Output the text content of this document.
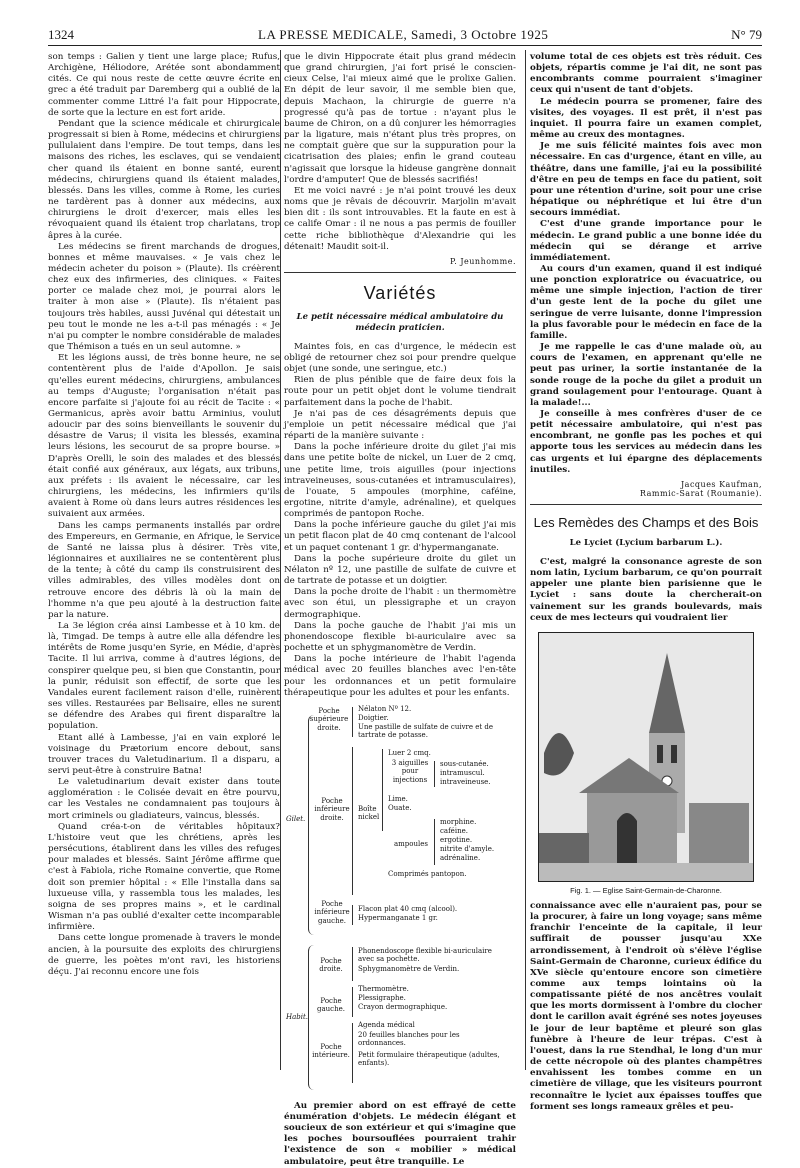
1324	LA PRESSE MEDICALE, Samedi, 3 Octobre 1925	N° 79

son temps : Galien y tient une large place; Rufus, Archigène, Héliodore, Arétée sont abondamment cités. Ce qui nous reste de cette œuvre écrite en grec a été traduit par Daremberg qui a oublié de la commenter comme Littré l'a fait pour Hippocrate, de sorte que la lecture en est fort aride.

Pendant que la science médicale et chirurgicale progressait si bien à Rome, médecins et chirurgiens pullulaient dans l'empire. De tout temps, dans les maisons des riches, les esclaves, qui se vendaient cher quand ils étaient en bonne santé, eurent médecins, chirurgiens quand ils étaient malades, blessés. Dans les villes, comme à Rome, les curies ne tardèrent pas à donner aux médecins, aux chirurgiens le droit d'exercer, mais elles les révoquaient quand ils étaient trop charlatans, trop âpres à la curée.

Les médecins se firent marchands de drogues, bonnes et même mauvaises. « Je vais chez le médecin acheter du poison » (Plaute). Ils créèrent chez eux des infirmeries, des cliniques. « Faites porter ce malade chez moi, je pourrai alors le traiter à mon aise » (Plaute). Ils n'étaient pas toujours très habiles, aussi Juvénal qui détestait un peu tout le monde ne les a-t-il pas ménagés : « Je n'ai pu compter le nombre considérable de malades que Thémison a tués en un seul automne. »

Et les légions aussi, de très bonne heure, ne se contentèrent plus de l'aide d'Apollon. Je sais qu'elles eurent médecins, chirurgiens, ambulances au temps d'Auguste; l'organisation n'était pas encore parfaite si j'ajoute foi au récit de Tacite : « Germanicus, après avoir battu Arminius, voulut adoucir par des soins bienveillants le souvenir du désastre de Varus; il visita les blessés, examina leurs lésions, les secourut de sa propre bourse. » D'après Orelli, le soin des malades et des blessés était confié aux généraux, aux légats, aux tribuns, aux préfets : ils avaient le nécessaire, car les chirurgiens, les médecins, les infirmiers qu'ils avaient à Rome où dans leurs autres résidences les suivaient aux armées.

Dans les camps permanents installés par ordre des Empereurs, en Germanie, en Afrique, le Service de Santé ne laissa plus à désirer. Très vite, légionnaires et auxiliaires ne se contentèrent plus de la tente; à côté du camp ils construisirent des villes admirables, des villes modèles dont on retrouve encore des débris là où la main de l'homme n'a que peu ajouté à la destruction faite par la nature.

La 3e légion créa ainsi Lambesse et à 10 km. de là, Timgad. De temps à autre elle alla défendre les intérêts de Rome jusqu'en Syrie, en Médie, d'après Tacite. Il lui arriva, comme à d'autres légions, de conspirer quelque peu, si bien que Constantin, pour la punir, réduisit son effectif, de sorte que les Vandales eurent facilement raison d'elle, ruinèrent ses villes. Restaurées par Belisaire, elles ne surent se défendre des Arabes qui firent disparaître la population.

Etant allé à Lambesse, j'ai en vain exploré le voisinage du Prætorium encore debout, sans trouver traces du Valetudinarium. Il a disparu, a servi peut-être à construire Batna!

Le valetudinarium devait exister dans toute agglomération : le Colisée devait en être pourvu, car les Vestales ne condamnaient pas toujours à mort criminels ou gladiateurs, vaincus, blessés.

Quand créa-t-on de véritables hôpitaux? L'histoire veut que les chrétiens, après les persécutions, établirent dans les villes des refuges pour malades et blessés. Saint Jérôme affirme que c'est à Fabiola, riche Romaine convertie, que Rome doit son premier hôpital : « Elle l'installa dans sa luxueuse villa, y rassembla tous les malades, les soigna de ses propres mains », et le cardinal Wisman n'a pas oublié d'exalter cette incomparable infirmière.

Dans cette longue promenade à travers le monde ancien, à la poursuite des exploits des chirurgiens de guerre, les poètes m'ont ravi, les historiens déçu. J'ai reconnu encore une fois

que le divin Hippocrate était plus grand médecin que grand chirurgien, j'ai fort prisé le conscien-cieux Celse, l'ai mieux aimé que le prolixe Galien. En dépit de leur savoir, il me semble bien que, depuis Machaon, la chirurgie de guerre n'a progressé qu'à pas de tortue : n'ayant plus le baume de Chiron, on a dû conjurer les hémorragies par la ligature, mais n'étant plus très propres, on ne comptait guère que sur la suppuration pour la cicatrisation des plaies; enfin le grand couteau n'agissait que lorsque la hideuse gangrène donnait l'ordre d'amputer! Que de blessés sacrifiés!

Et me voici navré : je n'ai point trouvé les deux noms que je rêvais de découvrir. Marjolin m'avait bien dit : ils sont introuvables. Et la faute en est à ce calife Omar : il ne nous a pas permis de fouiller cette riche bibliothèque d'Alexandrie qui les détenait! Maudit soit-il.

P. Jeunhomme.
Variétés
Le petit nécessaire médical ambulatoire du médecin praticien.

Maintes fois, en cas d'urgence, le médecin est obligé de retourner chez soi pour prendre quelque objet (une sonde, une seringue, etc.)

Rien de plus pénible que de faire deux fois la route pour un petit objet dont le volume tiendrait parfaitement dans la poche de l'habit.

Je n'ai pas de ces désagréments depuis que j'emploie un petit nécessaire médical que j'ai réparti de la manière suivante :

Dans la poche inférieure droite du gilet j'ai mis dans une petite boîte de nickel, un Luer de 2 cmq, une petite lime, trois aiguilles (pour injections intraveineuses, sous-cutanées et intramusculaires), de l'ouate, 5 ampoules (morphine, caféine, ergotine, nitrite d'amyle, adrénaline), et quelques comprimés de pantopon Roche.

Dans la poche inférieure gauche du gilet j'ai mis un petit flacon plat de 40 cmq contenant de l'alcool et un paquet contenant 1 gr. d'hypermanganate.

Dans la poche supérieure droite du gilet un Nélaton nº 12, une pastille de sulfate de cuivre et de tartrate de potasse et un doigtier.

Dans la poche droite de l'habit : un thermomètre avec son étui, un plessigraphe et un crayon dermographique.

Dans la poche gauche de l'habit j'ai mis un phonendoscope flexible bi-auriculaire avec sa pochette et un sphygmanomètre de Verdin.

Dans la poche intérieure de l'habit l'agenda médical avec 20 feuilles blanches avec l'en-tête pour les ordonnances et un petit formulaire thérapeutique pour les adultes et pour les enfants.

Gilet.
Poche supérieure droite.
Nélaton Nº 12.
Doigtier.
Une pastille de sulfate de cuivre et de tartrate de potasse.
Poche inférieure droite.
Boîte nickel
Luer 2 cmq.
3 aiguilles pour injections
sous-cutanée.
intramuscul.
intraveineuse.
Lime.
Ouate.
ampoules
morphine.
caféine.
ergotine.
nitrite d'amyle.
adrénaline.
Comprimés pantopon.
Poche inférieure gauche.
Flacon plat 40 cmq (alcool).
Hypermanganate 1 gr.
Habit.
Poche droite.
Phonendoscope flexible bi-auriculaire avec sa pochette.
Sphygmanomètre de Verdin.
Poche gauche.
Thermomètre.
Plessigraphe.
Crayon dermographique.
Poche intérieure.
Agenda médical
20 feuilles blanches pour les ordonnances.
Petit formulaire thérapeutique (adultes, enfants).

Au premier abord on est effrayé de cette énumération d'objets. Le médecin élégant et soucieux de son extérieur et qui s'imagine que les poches boursouflées pourraient trahir l'existence de son « mobilier » médical ambulatoire, peut être tranquille. Le

volume total de ces objets est très réduit. Ces objets, répartis comme je l'ai dit, ne sont pas encombrants comme pourraient s'imaginer ceux qui n'usent de tant d'objets.

Le médecin pourra se promener, faire des visites, des voyages. Il est prêt, il n'est pas inquiet. Il pourra faire un examen complet, même au creux des montagnes.

Je me suis félicité maintes fois avec mon nécessaire. En cas d'urgence, étant en ville, au théâtre, dans une famille, j'ai eu la possibilité d'être en peu de temps en face du patient, soit pour une rétention d'urine, soit pour une crise hépatique ou néphrétique et lui être d'un secours immédiat.

C'est d'une grande importance pour le médecin. Le grand public a une bonne idée du médecin qui se dérange et arrive immédiatement.

Au cours d'un examen, quand il est indiqué une ponction exploratrice ou évacuatrice, ou même une simple injection, l'action de tirer d'un geste lent de la poche du gilet une seringue de verre luisante, donne l'impression la plus favorable pour le médecin en face de la famille.

Je me rappelle le cas d'une malade où, au cours de l'examen, en apprenant qu'elle ne peut pas uriner, la sortie instantanée de la sonde rouge de la poche du gilet a produit un grand soulagement pour l'entourage. Quant à la malade!...

Je conseille à mes confrères d'user de ce petit nécessaire ambulatoire, qui n'est pas encombrant, ne gonfle pas les poches et qui apporte tous les services au médecin dans les cas urgents et lui épargne des déplacements inutiles.

Jacques Kaufman,
Rammic-Sarat (Roumanie).
Les Remèdes des Champs et des Bois
Le Lyciet (Lycium barbarum L.).

C'est, malgré la consonance agreste de son nom latin, Lycium barbarum, ce qu'on pourrait appeler une plante bien parisienne que le Lyciet : sans doute la chercherait-on vainement sur les grands boulevards, mais ceux de mes lecteurs qui voudraient lier

Fig. 1. — Eglise Saint-Germain-de-Charonne.

connaissance avec elle n'auraient pas, pour se la procurer, à faire un long voyage; sans même franchir l'enceinte de la capitale, il leur suffirait de pousser jusqu'au XXe arrondissement, à l'endroit où s'élève l'église Saint-Germain de Charonne, curieux édifice du XVe siècle qu'entoure encore son cimetière comme aux temps lointains où la compatissante piété de nos ancêtres voulait que les morts dormissent à l'ombre du clocher dont le carillon avait égréné ses notes joyeuses le jour de leur baptême et pleuré son glas funèbre à l'heure de leur trépas. C'est à l'ouest, dans la rue Stendhal, le long d'un mur de cette nécropole où des plantes champêtres envahissent les tombes comme en un cimetière de village, que les visiteurs pourront reconnaître le lyciet aux épaisses touffes que forment ses longs rameaux grêles et peu-
